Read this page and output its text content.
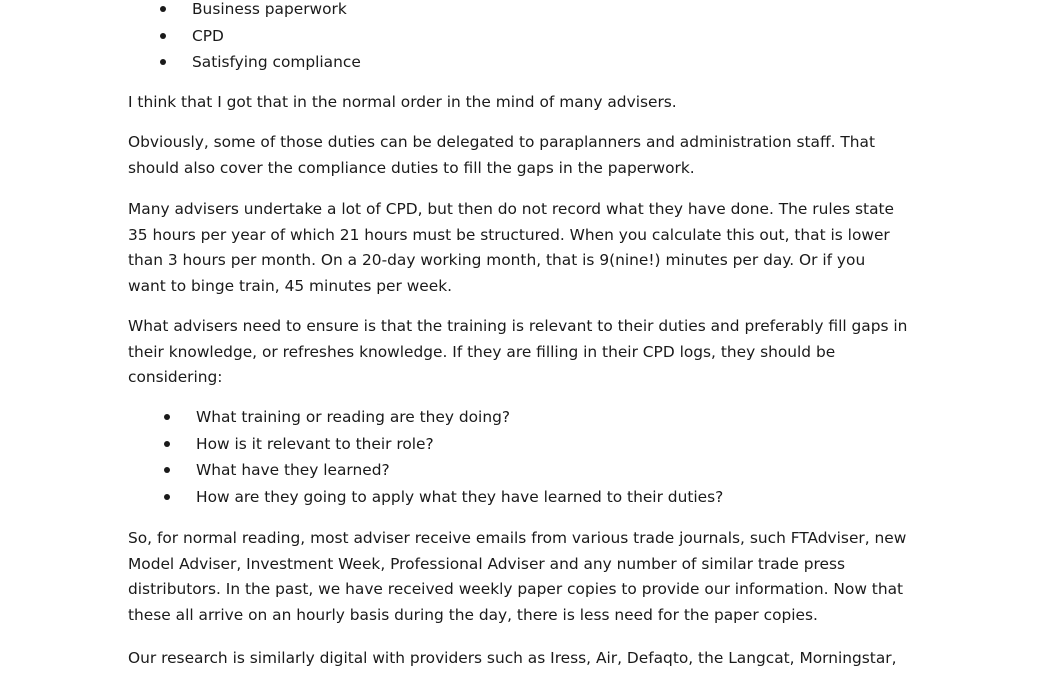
Business paperwork
CPD
Satisfying compliance

I think that I got that in the normal order in the mind of many advisers.

Obviously, some of those duties can be delegated to paraplanners and administration staff. That
should also cover the compliance duties to fill the gaps in the paperwork.

Many advisers undertake a lot of CPD, but then do not record what they have done. The rules state
35 hours per year of which 21 hours must be structured. When you calculate this out, that is lower
than 3 hours per month. On a 20-day working month, that is 9(nine!) minutes per day. Or if you
want to binge train, 45 minutes per week.

What advisers need to ensure is that the training is relevant to their duties and preferably fill gaps in
their knowledge, or refreshes knowledge. If they are filling in their CPD logs, they should be
considering:

What training or reading are they doing?
How is it relevant to their role?
What have they learned?
How are they going to apply what they have learned to their duties?

So, for normal reading, most adviser receive emails from various trade journals, such FTAdviser, new
Model Adviser, Investment Week, Professional Adviser and any number of similar trade press
distributors. In the past, we have received weekly paper copies to provide our information. Now that
these all arrive on an hourly basis during the day, there is less need for the paper copies.

Our research is similarly digital with providers such as Iress, Air, Defaqto, the Langcat, Morningstar,
